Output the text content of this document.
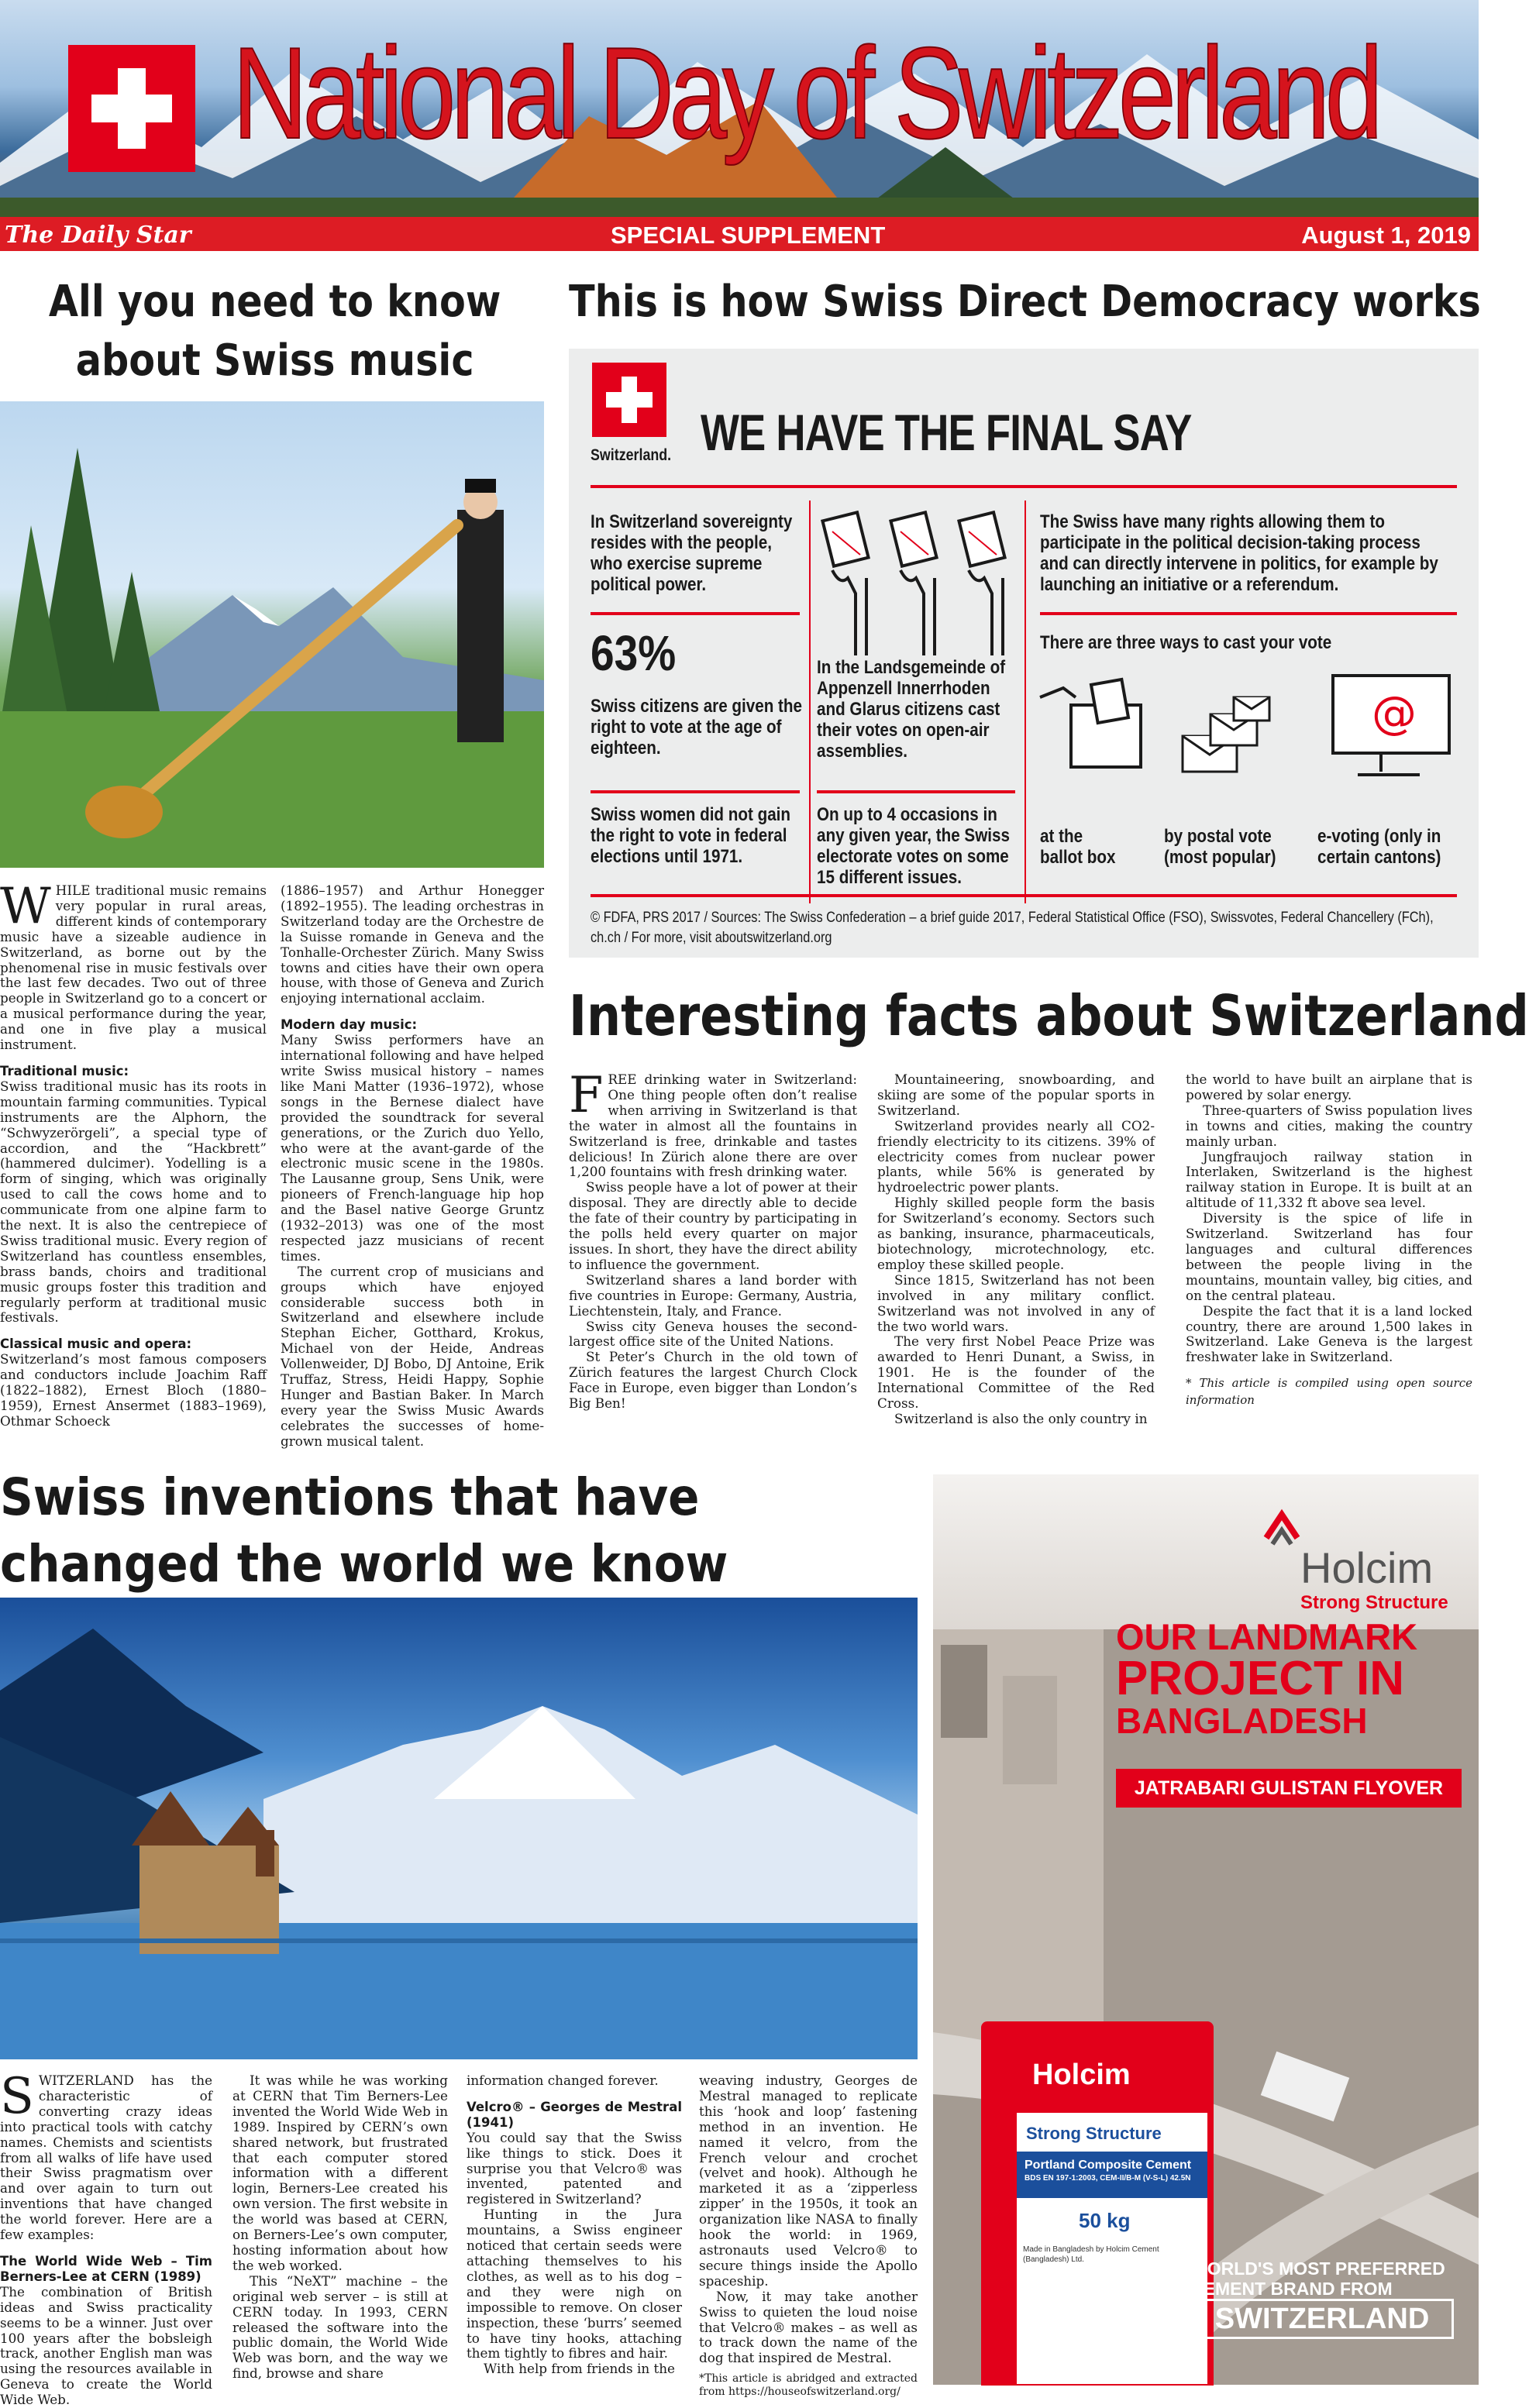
National Day of Switzerland
The Daily Star	SPECIAL SUPPLEMENT	August 1, 2019
All you need to know about Swiss music

WHILE traditional music remains very popular in rural areas, different kinds of contemporary music have a sizeable audience in Switzerland, as borne out by the phenomenal rise in music festivals over the last few decades. Two out of three people in Switzerland go to a concert or a musical performance during the year, and one in five play a musical instrument.

Traditional music:

Swiss traditional music has its roots in mountain farming communities. Typical instruments are the Alphorn, the “Schwyzerörgeli”, a special type of accordion, and the “Hackbrett” (hammered dulcimer). Yodelling is a form of singing, which was originally used to call the cows home and to communicate from one alpine farm to the next. It is also the centrepiece of Swiss traditional music. Every region of Switzerland has countless ensembles, brass bands, choirs and traditional music groups foster this tradition and regularly perform at traditional music festivals.

Classical music and opera:

Switzerland’s most famous composers and conductors include Joachim Raff (1822–1882), Ernest Bloch (1880–1959), Ernest Ansermet (1883–1969), Othmar Schoeck

(1886–1957) and Arthur Honegger (1892–1955). The leading orchestras in Switzerland today are the Orchestre de la Suisse romande in Geneva and the Tonhalle-Orchester Zürich. Many Swiss towns and cities have their own opera house, with those of Geneva and Zurich enjoying international acclaim.

Modern day music:

Many Swiss performers have an international following and have helped write Swiss musical history – names like Mani Matter (1936–1972), whose songs in the Bernese dialect have provided the soundtrack for several generations, or the Zurich duo Yello, who were at the avant-garde of the electronic music scene in the 1980s. The Lausanne group, Sens Unik, were pioneers of French-language hip hop and the Basel native George Gruntz (1932–2013) was one of the most respected jazz musicians of recent times.

The current crop of musicians and groups which have enjoyed considerable success both in Switzerland and elsewhere include Stephan Eicher, Gotthard, Krokus, Michael von der Heide, Andreas Vollenweider, DJ Bobo, DJ Antoine, Erik Truffaz, Stress, Heidi Happy, Sophie Hunger and Bastian Baker. In March every year the Swiss Music Awards celebrates the successes of home-grown musical talent.

This is how Swiss Direct Democracy works
Switzerland. WE HAVE THE FINAL SAY
In Switzerland sovereignty resides with the people, who exercise supreme political power.
The Swiss have many rights allowing them to participate in the political decision-taking process and can directly intervene in politics, for example by launching an initiative or a referendum.
63%
Swiss citizens are given the right to vote at the age of eighteen.
In the Landsgemeinde of Appenzell Innerrhoden and Glarus citizens cast their votes on open-air assemblies.
There are three ways to cast your vote
@
at the ballot box
by postal vote (most popular)
e-voting (only in certain cantons)
Swiss women did not gain the right to vote in federal elections until 1971.
On up to 4 occasions in any given year, the Swiss electorate votes on some 15 different issues.
© FDFA, PRS 2017 / Sources: The Swiss Confederation – a brief guide 2017, Federal Statistical Office (FSO), Swissvotes, Federal Chancellery (FCh), ch.ch / For more, visit aboutswitzerland.org
Interesting facts about Switzerland

FREE drinking water in Switzerland: One thing people often don’t realise when arriving in Switzerland is that the water in almost all the fountains in Switzerland is free, drinkable and tastes delicious! In Zürich alone there are over 1,200 fountains with fresh drinking water.

Swiss people have a lot of power at their disposal. They are directly able to decide the fate of their country by participating in the polls held every quarter on major issues. In short, they have the direct ability to influence the government.

Switzerland shares a land border with five countries in Europe: Germany, Austria, Liechtenstein, Italy, and France.

Swiss city Geneva houses the second-largest office site of the United Nations.

St Peter’s Church in the old town of Zürich features the largest Church Clock Face in Europe, even bigger than London’s Big Ben!

Mountaineering, snowboarding, and skiing are some of the popular sports in Switzerland.

Switzerland provides nearly all CO2-friendly electricity to its citizens. 39% of electricity comes from nuclear power plants, while 56% is generated by hydroelectric power plants.

Highly skilled people form the basis for Switzerland’s economy. Sectors such as banking, insurance, pharmaceuticals, biotechnology, microtechnology, etc. employ these skilled people.

Since 1815, Switzerland has not been involved in any military conflict. Switzerland was not involved in any of the two world wars.

The very first Nobel Peace Prize was awarded to Henri Dunant, a Swiss, in 1901. He is the founder of the International Committee of the Red Cross.

Switzerland is also the only country in

the world to have built an airplane that is powered by solar energy.

Three-quarters of Swiss population lives in towns and cities, making the country mainly urban.

Jungfraujoch railway station in Interlaken, Switzerland is the highest railway station in Europe. It is built at an altitude of 11,332 ft above sea level.

Diversity is the spice of life in Switzerland. Switzerland has four languages and cultural differences between the people living in the mountains, mountain valley, big cities, and on the central plateau.

Despite the fact that it is a land locked country, there are around 1,500 lakes in Switzerland. Lake Geneva is the largest freshwater lake in Switzerland.

* This article is compiled using open source information

Swiss inventions that have changed the world we know

SWITZERLAND has the characteristic of converting crazy ideas into practical tools with catchy names. Chemists and scientists from all walks of life have used their Swiss pragmatism over and over again to turn out inventions that have changed the world forever. Here are a few examples:

The World Wide Web – Tim Berners-Lee at CERN (1989)

The combination of British ideas and Swiss practicality seems to be a winner. Just over 100 years after the bobsleigh track, another English man was using the resources available in Geneva to create the World Wide Web.

It was while he was working at CERN that Tim Berners-Lee invented the World Wide Web in 1989. Inspired by CERN’s own shared network, but frustrated that each computer stored information with a different login, Berners-Lee created his own version. The first website in the world was based at CERN, on Berners-Lee’s own computer, hosting information about how the web worked.

This “NeXT” machine – the original web server – is still at CERN today. In 1993, CERN released the software into the public domain, the World Wide Web was born, and the way we find, browse and share

information changed forever.

Velcro® – Georges de Mestral (1941)

You could say that the Swiss like things to stick. Does it surprise you that Velcro® was invented, patented and registered in Switzerland?

Hunting in the Jura mountains, a Swiss engineer noticed that certain seeds were attaching themselves to his clothes, as well as to his dog – and they were nigh on impossible to remove. On closer inspection, these ‘burrs’ seemed to have tiny hooks, attaching them tightly to fibres and hair.

With help from friends in the

weaving industry, Georges de Mestral managed to replicate this ‘hook and loop’ fastening method in an invention. He named it velcro, from the French velour and crochet (velvet and hook). Although he marketed it as a ‘zipperless zipper’ in the 1950s, it took an organization like NASA to finally hook the world: in 1969, astronauts used Velcro® to secure things inside the Apollo spaceship.

Now, it may take another Swiss to quieten the loud noise that Velcro® makes – as well as to track down the name of the dog that inspired de Mestral.

*This article is abridged and extracted from https://houseofswitzerland.org/

Holcim
Strong Structure
OUR LANDMARK
PROJECT IN
BANGLADESH
JATRABARI GULISTAN FLYOVER
Holcim
Strong Structure
Portland Composite Cement
BDS EN 197-1:2003, CEM-II/B-M (V-S-L) 42.5N
50 kg
Made in Bangladesh by Holcim Cement (Bangladesh) Ltd.	WORLD'S MOST PREFERRED CEMENT BRAND FROM
SWITZERLAND
